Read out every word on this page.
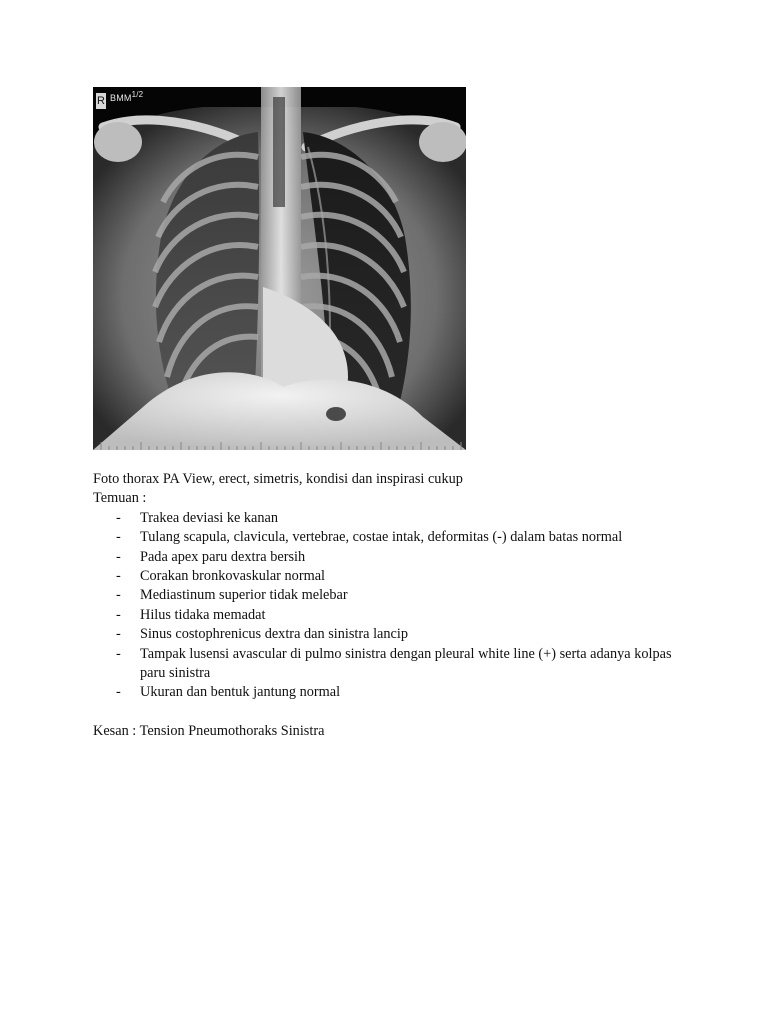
R BMM1/2

Foto thorax PA View, erect, simetris, kondisi dan inspirasi cukup

Temuan :

- Trakea deviasi ke kanan
- Tulang scapula, clavicula, vertebrae, costae intak, deformitas (-) dalam batas normal
- Pada apex paru dextra bersih
- Corakan bronkovaskular normal
- Mediastinum superior tidak melebar
- Hilus tidaka memadat
- Sinus costophrenicus dextra dan sinistra lancip
- Tampak lusensi avascular di pulmo sinistra dengan pleural white line (+) serta adanya kolpas paru sinistra
- Ukuran dan bentuk jantung normal

Kesan : Tension Pneumothoraks Sinistra
